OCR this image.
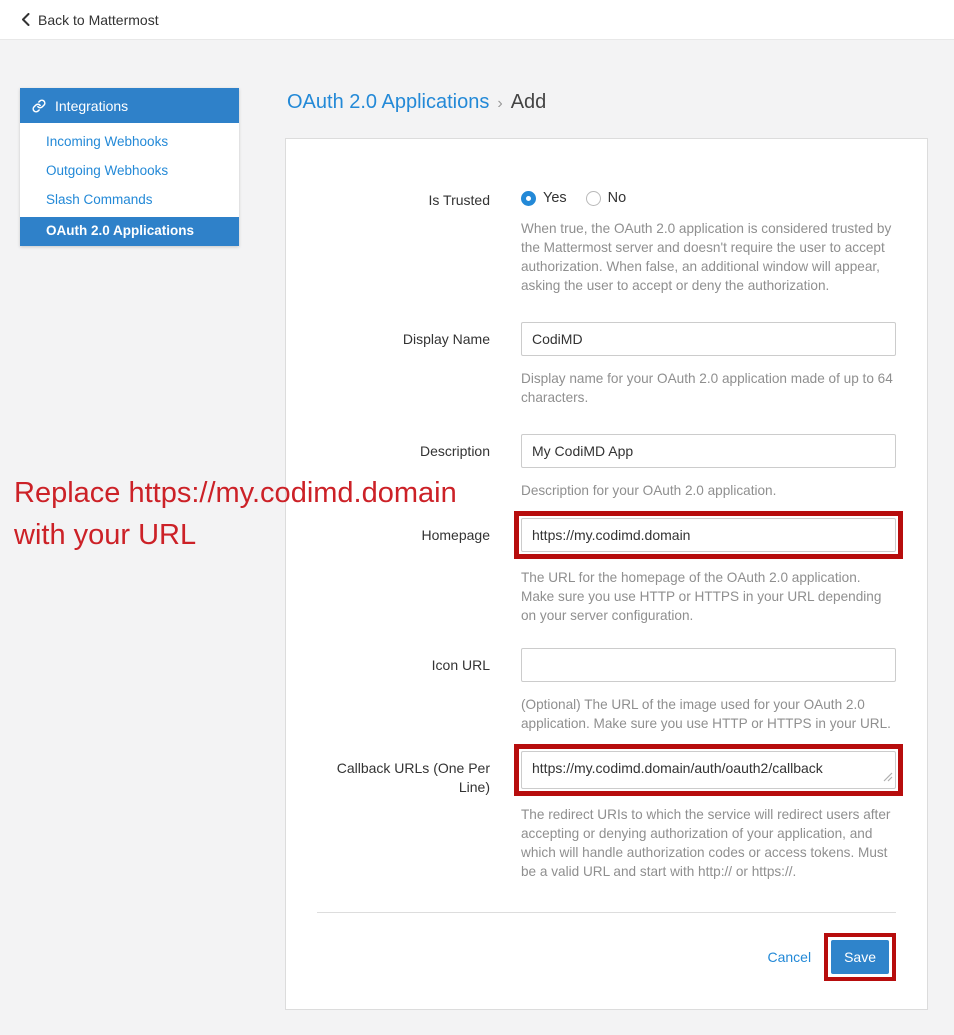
Back to Mattermost
Integrations
Incoming Webhooks
Outgoing Webhooks
Slash Commands
OAuth 2.0 Applications
OAuth 2.0 Applications › Add
Is Trusted	Yes	No

When true, the OAuth 2.0 application is considered trusted by the Mattermost server and doesn't require the user to accept authorization. When false, an additional window will appear, asking the user to accept or deny the authorization.

Display Name
CodiMD

Display name for your OAuth 2.0 application made of up to 64 characters.

Description
My CodiMD App

Description for your OAuth 2.0 application.

Homepage
https://my.codimd.domain

The URL for the homepage of the OAuth 2.0 application. Make sure you use HTTP or HTTPS in your URL depending on your server configuration.

Icon URL

(Optional) The URL of the image used for your OAuth 2.0 application. Make sure you use HTTP or HTTPS in your URL.

Callback URLs (One Per Line)
https://my.codimd.domain/auth/oauth2/callback

The redirect URIs to which the service will redirect users after accepting or denying authorization of your application, and which will handle authorization codes or access tokens. Must be a valid URL and start with http:// or https://.

Cancel	Save
Replace https://my.codimd.domain
with your URL
